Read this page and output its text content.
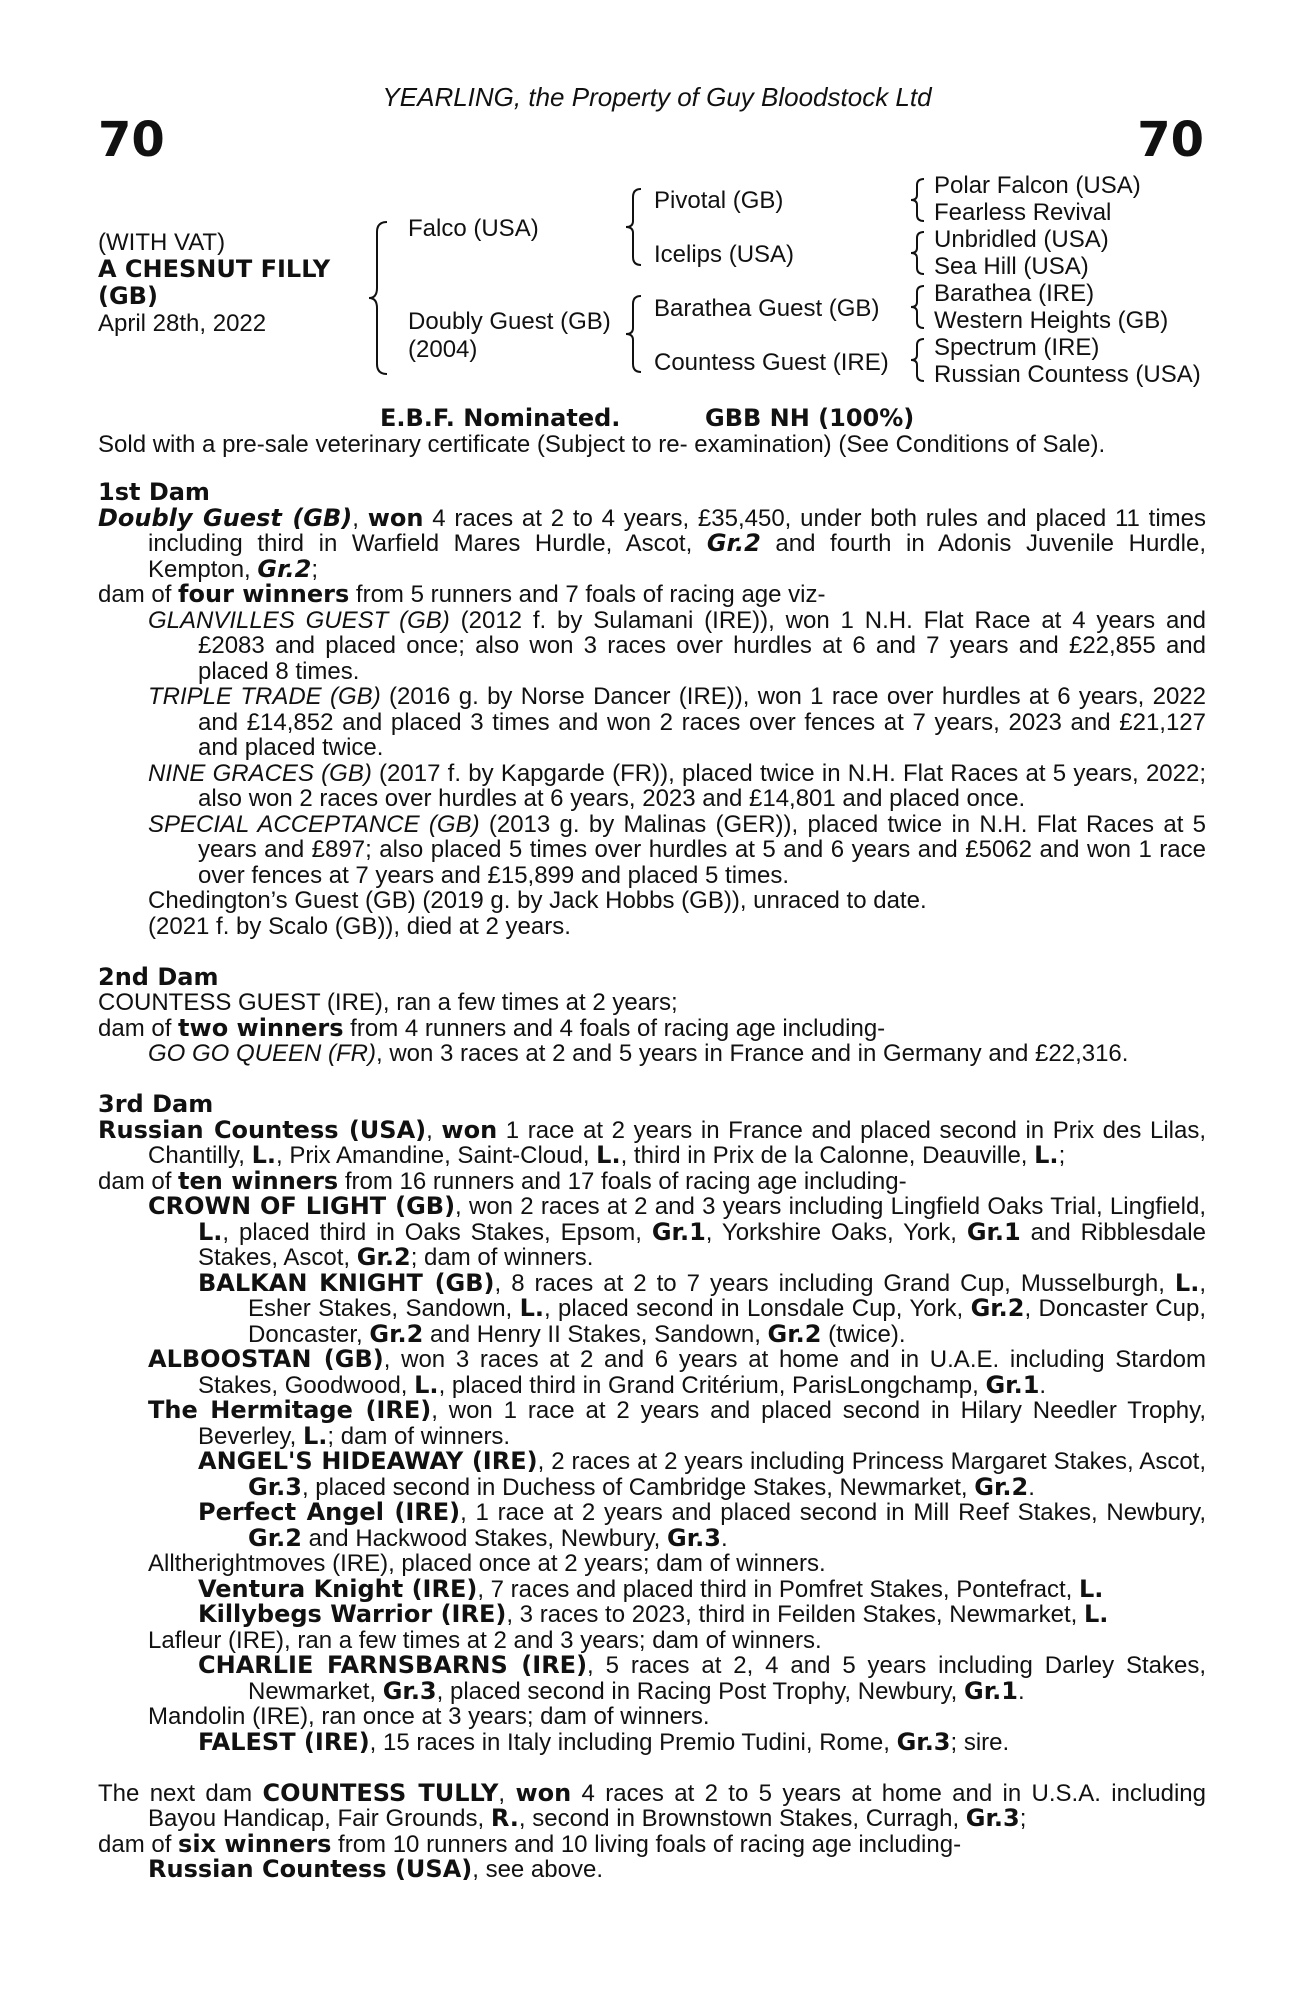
YEARLING, the Property of Guy Bloodstock Ltd
70	70
(WITH VAT)
A CHESNUT FILLY
(GB)
April 28th, 2022
Falco (USA)
Doubly Guest (GB)
(2004)
Pivotal (GB)
Icelips (USA)
Barathea Guest (GB)
Countess Guest (IRE)
Polar Falcon (USA)
Fearless Revival
Unbridled (USA)
Sea Hill (USA)
Barathea (IRE)
Western Heights (GB)
Spectrum (IRE)
Russian Countess (USA)
E.B.F. Nominated.	GBB NH (100%)
Sold with a pre-sale veterinary certificate (Subject to re- examination) (See Conditions of Sale).

1st Dam

Doubly Guest (GB), won 4 races at 2 to 4 years, £35,450, under both rules and placed 11 times including third in Warfield Mares Hurdle, Ascot, Gr.2 and fourth in Adonis Juvenile Hurdle, Kempton, Gr.2;

dam of four winners from 5 runners and 7 foals of racing age viz-

GLANVILLES GUEST (GB) (2012 f. by Sulamani (IRE)), won 1 N.H. Flat Race at 4 years and £2083 and placed once; also won 3 races over hurdles at 6 and 7 years and £22,855 and placed 8 times.

TRIPLE TRADE (GB) (2016 g. by Norse Dancer (IRE)), won 1 race over hurdles at 6 years, 2022 and £14,852 and placed 3 times and won 2 races over fences at 7 years, 2023 and £21,127 and placed twice.

NINE GRACES (GB) (2017 f. by Kapgarde (FR)), placed twice in N.H. Flat Races at 5 years, 2022; also won 2 races over hurdles at 6 years, 2023 and £14,801 and placed once.

SPECIAL ACCEPTANCE (GB) (2013 g. by Malinas (GER)), placed twice in N.H. Flat Races at 5 years and £897; also placed 5 times over hurdles at 5 and 6 years and £5062 and won 1 race over fences at 7 years and £15,899 and placed 5 times.

Chedington’s Guest (GB) (2019 g. by Jack Hobbs (GB)), unraced to date.

(2021 f. by Scalo (GB)), died at 2 years.

2nd Dam

COUNTESS GUEST (IRE), ran a few times at 2 years;

dam of two winners from 4 runners and 4 foals of racing age including-

GO GO QUEEN (FR), won 3 races at 2 and 5 years in France and in Germany and £22,316.

3rd Dam

Russian Countess (USA), won 1 race at 2 years in France and placed second in Prix des Lilas, Chantilly, L., Prix Amandine, Saint-Cloud, L., third in Prix de la Calonne, Deauville, L.;

dam of ten winners from 16 runners and 17 foals of racing age including-

CROWN OF LIGHT (GB), won 2 races at 2 and 3 years including Lingfield Oaks Trial, Lingfield, L., placed third in Oaks Stakes, Epsom, Gr.1, Yorkshire Oaks, York, Gr.1 and Ribblesdale Stakes, Ascot, Gr.2; dam of winners.

BALKAN KNIGHT (GB), 8 races at 2 to 7 years including Grand Cup, Musselburgh, L., Esher Stakes, Sandown, L., placed second in Lonsdale Cup, York, Gr.2, Doncaster Cup, Doncaster, Gr.2 and Henry II Stakes, Sandown, Gr.2 (twice).

ALBOOSTAN (GB), won 3 races at 2 and 6 years at home and in U.A.E. including Stardom Stakes, Goodwood, L., placed third in Grand Critérium, ParisLongchamp, Gr.1.

The Hermitage (IRE), won 1 race at 2 years and placed second in Hilary Needler Trophy, Beverley, L.; dam of winners.

ANGEL'S HIDEAWAY (IRE), 2 races at 2 years including Princess Margaret Stakes, Ascot, Gr.3, placed second in Duchess of Cambridge Stakes, Newmarket, Gr.2.

Perfect Angel (IRE), 1 race at 2 years and placed second in Mill Reef Stakes, Newbury, Gr.2 and Hackwood Stakes, Newbury, Gr.3.

Alltherightmoves (IRE), placed once at 2 years; dam of winners.

Ventura Knight (IRE), 7 races and placed third in Pomfret Stakes, Pontefract, L.

Killybegs Warrior (IRE), 3 races to 2023, third in Feilden Stakes, Newmarket, L.

Lafleur (IRE), ran a few times at 2 and 3 years; dam of winners.

CHARLIE FARNSBARNS (IRE), 5 races at 2, 4 and 5 years including Darley Stakes, Newmarket, Gr.3, placed second in Racing Post Trophy, Newbury, Gr.1.

Mandolin (IRE), ran once at 3 years; dam of winners.

FALEST (IRE), 15 races in Italy including Premio Tudini, Rome, Gr.3; sire.

The next dam COUNTESS TULLY, won 4 races at 2 to 5 years at home and in U.S.A. including Bayou Handicap, Fair Grounds, R., second in Brownstown Stakes, Curragh, Gr.3;

dam of six winners from 10 runners and 10 living foals of racing age including-

Russian Countess (USA), see above.
